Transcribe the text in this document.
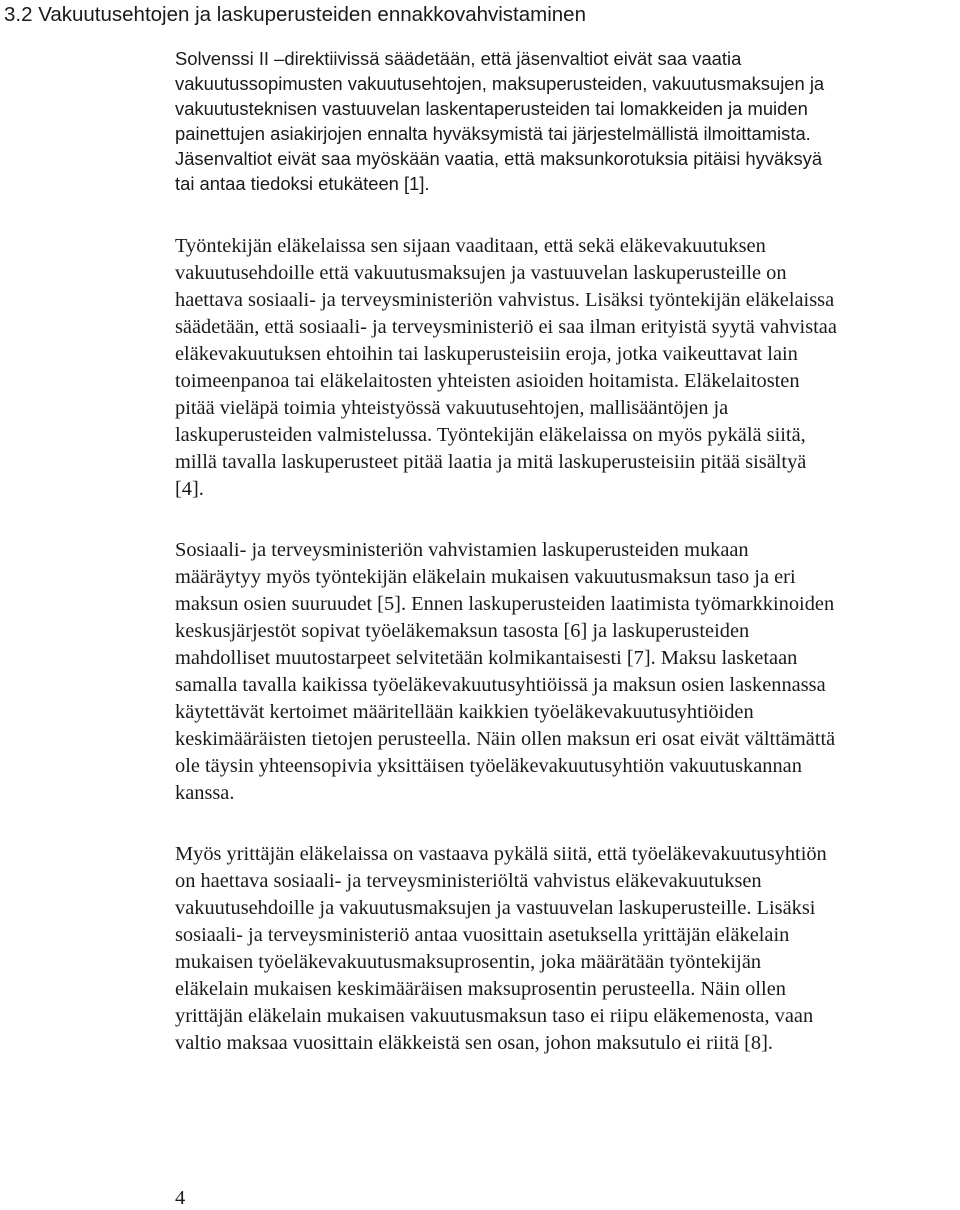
3.2 Vakuutusehtojen ja laskuperusteiden ennakkovahvistaminen

Solvenssi II –direktiivissä säädetään, että jäsenvaltiot eivät saa vaatia

vakuutussopimusten vakuutusehtojen, maksuperusteiden, vakuutusmaksujen ja

vakuutusteknisen vastuuvelan laskentaperusteiden tai lomakkeiden ja muiden

painettujen asiakirjojen ennalta hyväksymistä tai järjestelmällistä ilmoittamista.

Jäsenvaltiot eivät saa myöskään vaatia, että maksunkorotuksia pitäisi hyväksyä

tai antaa tiedoksi etukäteen [1].

Työntekijän eläkelaissa sen sijaan vaaditaan, että sekä eläkevakuutuksen

vakuutusehdoille että vakuutusmaksujen ja vastuuvelan laskuperusteille on

haettava sosiaali- ja terveysministeriön vahvistus. Lisäksi työntekijän eläkelaissa

säädetään, että sosiaali- ja terveysministeriö ei saa ilman erityistä syytä vahvistaa

eläkevakuutuksen ehtoihin tai laskuperusteisiin eroja, jotka vaikeuttavat lain

toimeenpanoa tai eläkelaitosten yhteisten asioiden hoitamista. Eläkelaitosten

pitää vieläpä toimia yhteistyössä vakuutusehtojen, mallisääntöjen ja

laskuperusteiden valmistelussa. Työntekijän eläkelaissa on myös pykälä siitä,

millä tavalla laskuperusteet pitää laatia ja mitä laskuperusteisiin pitää sisältyä

[4].

Sosiaali- ja terveysministeriön vahvistamien laskuperusteiden mukaan

määräytyy myös työntekijän eläkelain mukaisen vakuutusmaksun taso ja eri

maksun osien suuruudet [5]. Ennen laskuperusteiden laatimista työmarkkinoiden

keskusjärjestöt sopivat työeläkemaksun tasosta [6] ja laskuperusteiden

mahdolliset muutostarpeet selvitetään kolmikantaisesti [7]. Maksu lasketaan

samalla tavalla kaikissa työeläkevakuutusyhtiöissä ja maksun osien laskennassa

käytettävät kertoimet määritellään kaikkien työeläkevakuutusyhtiöiden

keskimääräisten tietojen perusteella. Näin ollen maksun eri osat eivät välttämättä

ole täysin yhteensopivia yksittäisen työeläkevakuutusyhtiön vakuutuskannan

kanssa.

Myös yrittäjän eläkelaissa on vastaava pykälä siitä, että työeläkevakuutusyhtiön

on haettava sosiaali- ja terveysministeriöltä vahvistus eläkevakuutuksen

vakuutusehdoille ja vakuutusmaksujen ja vastuuvelan laskuperusteille. Lisäksi

sosiaali- ja terveysministeriö antaa vuosittain asetuksella yrittäjän eläkelain

mukaisen työeläkevakuutusmaksuprosentin, joka määrätään työntekijän

eläkelain mukaisen keskimääräisen maksuprosentin perusteella. Näin ollen

yrittäjän eläkelain mukaisen vakuutusmaksun taso ei riipu eläkemenosta, vaan

valtio maksaa vuosittain eläkkeistä sen osan, johon maksutulo ei riitä [8].

4
